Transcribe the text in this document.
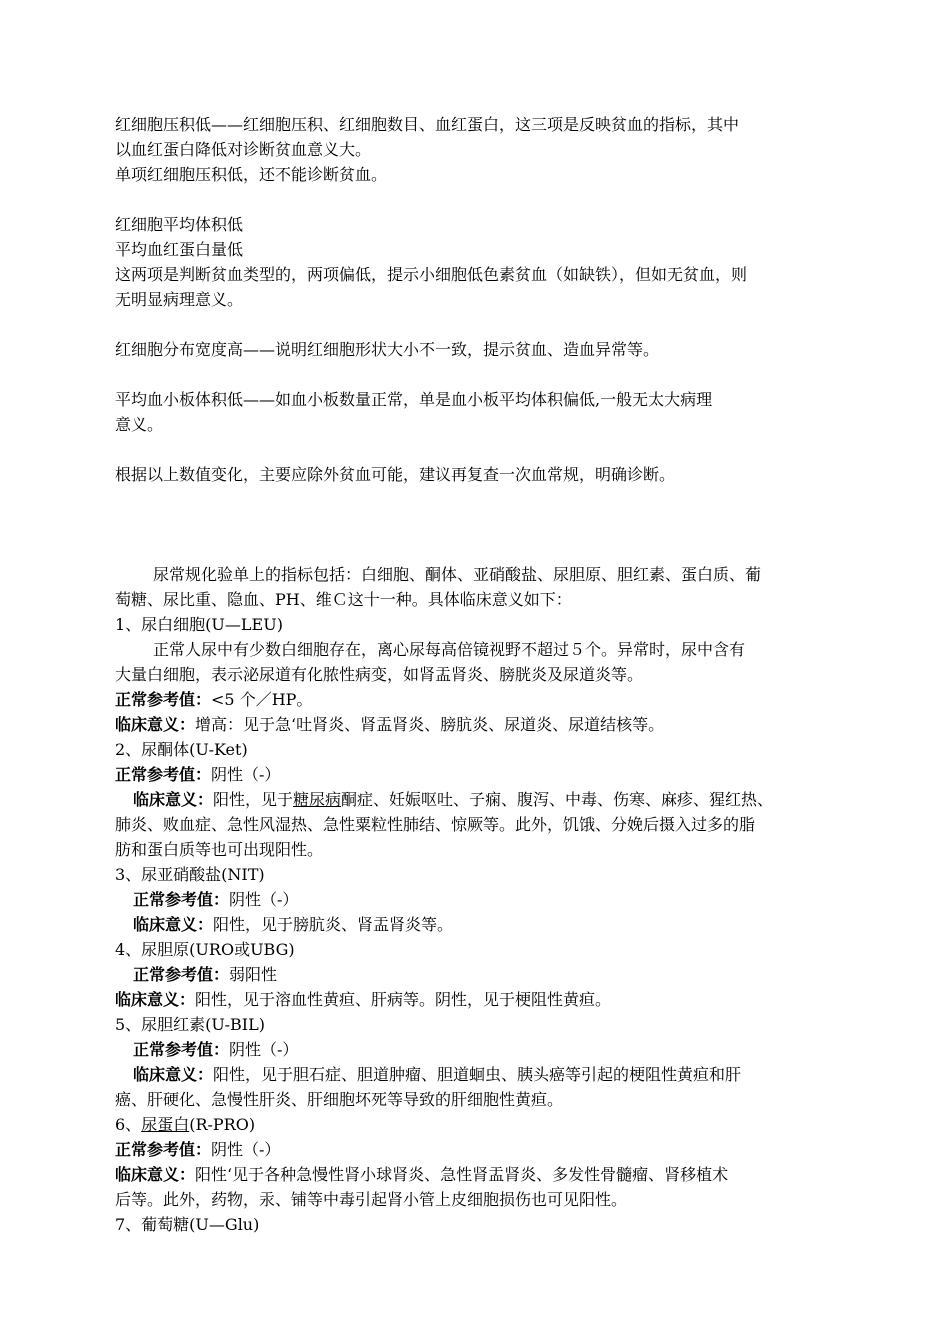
红细胞压积低——红细胞压积、红细胞数目、血红蛋白，这三项是反映贫血的指标，其中
以血红蛋白降低对诊断贫血意义大。
单项红细胞压积低，还不能诊断贫血。
红细胞平均体积低
平均血红蛋白量低
这两项是判断贫血类型的，两项偏低，提示小细胞低色素贫血（如缺铁），但如无贫血，则
无明显病理意义。
红细胞分布宽度高——说明红细胞形状大小不一致，提示贫血、造血异常等。
平均血小板体积低——如血小板数量正常，单是血小板平均体积偏低,一般无太大病理
意义。
根据以上数值变化，主要应除外贫血可能，建议再复查一次血常规，明确诊断。
尿常规化验单上的指标包括：白细胞、酮体、亚硝酸盐、尿胆原、胆红素、蛋白质、葡
萄糖、尿比重、隐血、PH、维Ｃ这十一种。具体临床意义如下：
1、尿白细胞(U—LEU)
正常人尿中有少数白细胞存在，离心尿每高倍镜视野不超过５个。异常时，尿中含有
大量白细胞，表示泌尿道有化脓性病变，如肾盂肾炎、膀胱炎及尿道炎等。
正常参考值：<5 个／HP。
临床意义：增高：见于急‘吐肾炎、肾盂肾炎、膀肮炎、尿道炎、尿道结核等。
2、尿酮体(U-Ket)
正常参考值：阴性（-）
临床意义：阳性，见于糖尿病酮症、妊娠呕吐、子痫、腹泻、中毒、伤寒、麻疹、猩红热、
肺炎、败血症、急性风湿热、急性粟粒性肺结、惊厥等。此外，饥饿、分娩后摄入过多的脂
肪和蛋白质等也可出现阳性。
3、尿亚硝酸盐(NIT)
正常参考值：阴性（-）
临床意义：阳性，见于膀肮炎、肾盂肾炎等。
4、尿胆原(URO或UBG)
正常参考值：弱阳性
临床意义：阳性，见于溶血性黄疸、肝病等。阴性，见于梗阻性黄疸。
5、尿胆红素(U-BIL)
正常参考值：阴性（-）
临床意义：阳性，见于胆石症、胆道肿瘤、胆道蛔虫、胰头癌等引起的梗阻性黄疸和肝
癌、肝硬化、急慢性肝炎、肝细胞坏死等导致的肝细胞性黄疸。
6、尿蛋白(R-PRO)
正常参考值：阴性（-）
临床意义：阳性‘见于各种急慢性肾小球肾炎、急性肾盂肾炎、多发性骨髓瘤、肾移植术
后等。此外，药物，汞、铺等中毒引起肾小管上皮细胞损伤也可见阳性。
7、葡萄糖(U—Glu)
